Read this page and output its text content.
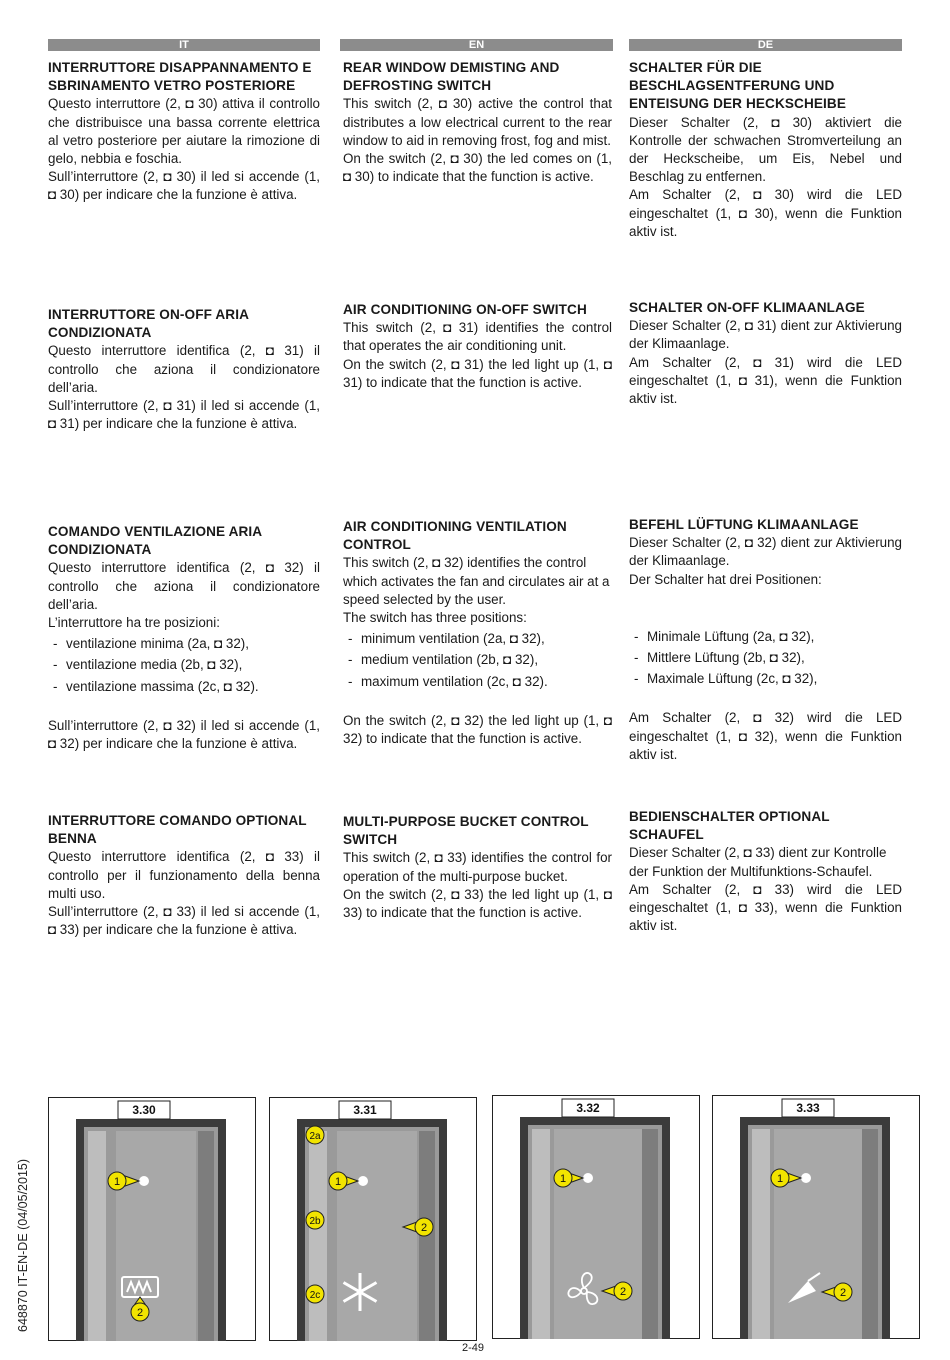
IT	EN	DE
INTERRUTTORE DISAPPANNAMENTO E SBRINAMENTO VETRO POSTERIORE

Questo interruttore (2, ◘ 30) attiva il controllo che distribuisce una bassa corrente elettrica al vetro posteriore per aiutare la rimozione di gelo, nebbia e foschia.

Sull’interruttore (2, ◘ 30) il led si accende (1, ◘ 30) per indicare che la funzione è attiva.

REAR WINDOW DEMISTING AND DEFROSTING SWITCH

This switch (2, ◘ 30) active the control that distributes a low electrical current to the rear window to aid in removing frost, fog and mist.

On the switch (2, ◘ 30) the led comes on (1, ◘ 30) to indicate that the function is active.

SCHALTER FÜR DIE BESCHLAGSENTFERUNG UND ENTEISUNG DER HECKSCHEIBE

Dieser Schalter (2, ◘ 30) aktiviert die Kontrolle der schwachen Stromverteilung an der Heckscheibe, um Eis, Nebel und Beschlag zu entfernen.

Am Schalter (2, ◘ 30) wird die LED eingeschaltet (1, ◘ 30), wenn die Funktion aktiv ist.

INTERRUTTORE ON-OFF ARIA CONDIZIONATA

Questo interruttore identifica (2, ◘ 31) il controllo che aziona il condizionatore dell’aria.

Sull’interruttore (2, ◘ 31) il led si accende (1, ◘ 31) per indicare che la funzione è attiva.

AIR CONDITIONING ON-OFF SWITCH

This switch (2, ◘ 31) identifies the control that operates the air conditioning unit.

On the switch (2, ◘ 31) the led light up (1, ◘ 31) to indicate that the function is active.

SCHALTER ON-OFF KLIMAANLAGE

Dieser Schalter (2, ◘ 31) dient zur Aktivierung der Klimaanlage.

Am Schalter (2, ◘ 31) wird die LED eingeschaltet (1, ◘ 31), wenn die Funktion aktiv ist.

COMANDO VENTILAZIONE ARIA CONDIZIONATA

Questo interruttore identifica (2, ◘ 32) il controllo che aziona il condizionatore dell’aria.

L’interruttore ha tre posizioni:

- ventilazione minima (2a, ◘ 32),
- ventilazione media (2b, ◘ 32),
- ventilazione massima (2c, ◘ 32).

Sull’interruttore (2, ◘ 32) il led si accende (1, ◘ 32) per indicare che la funzione è attiva.

AIR CONDITIONING VENTILATION CONTROL

This switch (2, ◘ 32) identifies the control which activates the fan and circulates air at a speed selected by the user.

The switch has three positions:

- minimum ventilation (2a, ◘ 32),
- medium ventilation (2b, ◘ 32),
- maximum ventilation (2c, ◘ 32).

On the switch (2, ◘ 32) the led light up (1, ◘ 32) to indicate that the function is active.

BEFEHL LÜFTUNG KLIMAANLAGE

Dieser Schalter (2, ◘ 32) dient zur Aktivierung der Klimaanlage.

Der Schalter hat drei Positionen:

- Minimale Lüftung (2a, ◘ 32),
- Mittlere Lüftung (2b, ◘ 32),
- Maximale Lüftung (2c, ◘ 32),

Am Schalter (2, ◘ 32) wird die LED eingeschaltet (1, ◘ 32), wenn die Funktion aktiv ist.

INTERRUTTORE COMANDO OPTIONAL BENNA

Questo interruttore identifica (2, ◘ 33) il controllo per il funzionamento della benna multi uso.

Sull’interruttore (2, ◘ 33) il led si accende (1, ◘ 33) per indicare che la funzione è attiva.

MULTI-PURPOSE BUCKET CONTROL SWITCH

This switch (2, ◘ 33) identifies the control for operation of the multi-purpose bucket.

On the switch (2, ◘ 33) the led light up (1, ◘ 33) to indicate that the function is active.

BEDIENSCHALTER OPTIONAL SCHAUFEL

Dieser Schalter (2, ◘ 33) dient zur Kontrolle der Funktion der Multifunktions-Schaufel.

Am Schalter (2, ◘ 33) wird die LED eingeschaltet (1, ◘ 33), wenn die Funktion aktiv ist.

3.30
1
2
3.31
2a
1
2b
2
2c
3.32
1
2
3.33
1
2
648870 IT-EN-DE (04/05/2015)
2-49
